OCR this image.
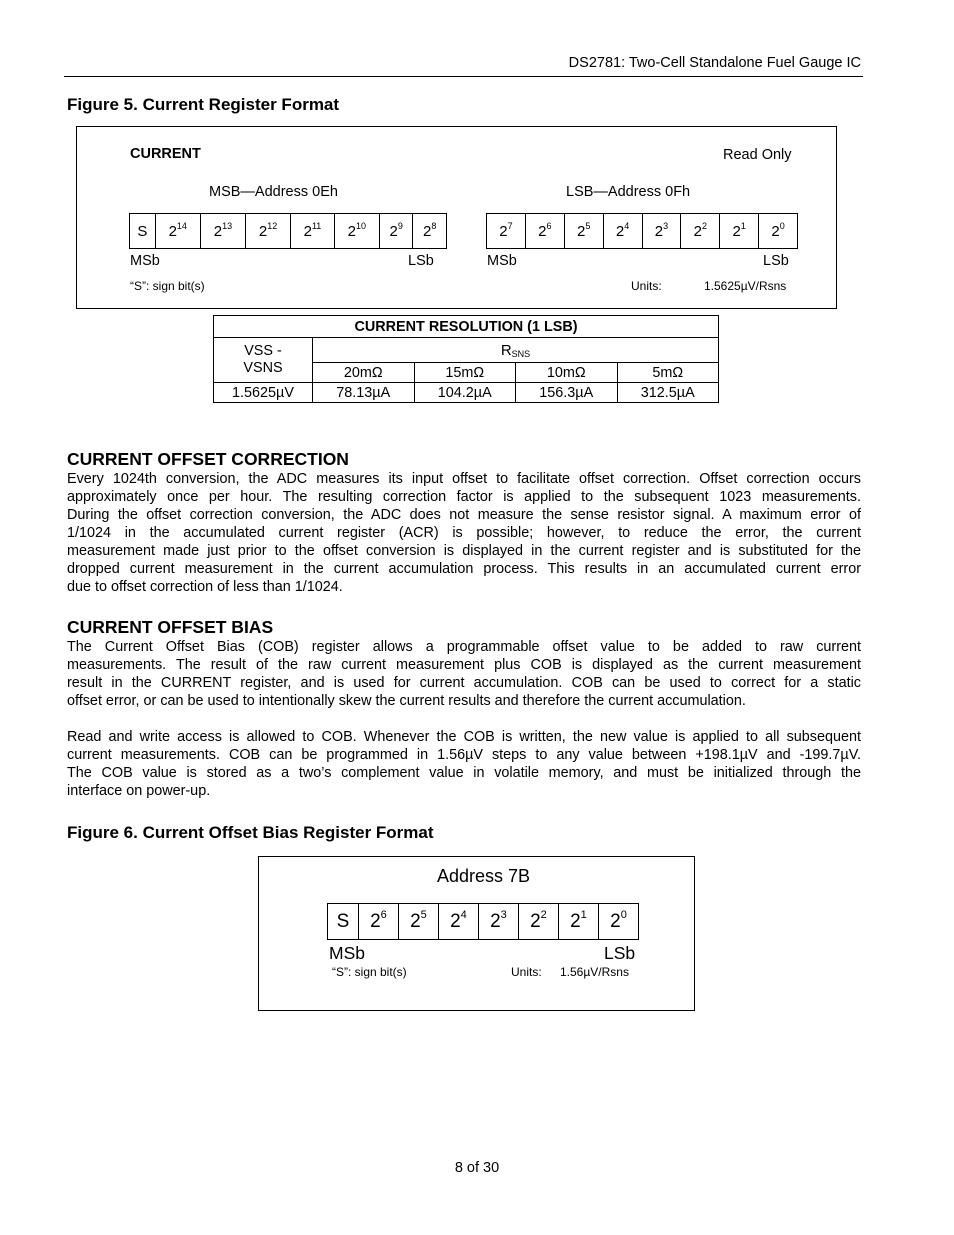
DS2781: Two-Cell Standalone Fuel Gauge IC
Figure 5. Current Register Format
CURRENT	Read Only
MSB—Address 0Eh	LSB—Address 0Fh
S	$2^{14}$	$2^{13}$	$2^{12}$	$2^{11}$	$2^{10}$	$2^9$	$2^8$	$2^7$	$2^6$	$2^5$	$2^4$	$2^3$	$2^2$	$2^1$	$2^0$
MSb	LSb	MSb	LSb
“S”: sign bit(s)	Units:	1.5625µV/Rsns
CURRENT RESOLUTION (1 LSB)				
VSS -
VSNS	$R_{SNS}$
	20mΩ	15mΩ	10mΩ	5mΩ
1.5625µV	78.13µA	104.2µA	156.3µA	312.5µA
CURRENT OFFSET CORRECTION
Every 1024th conversion, the ADC measures its input offset to facilitate offset correction. Offset correction occurs
approximately once per hour. The resulting correction factor is applied to the subsequent 1023 measurements.
During the offset correction conversion, the ADC does not measure the sense resistor signal. A maximum error of
1/1024 in the accumulated current register (ACR) is possible; however, to reduce the error, the current
measurement made just prior to the offset conversion is displayed in the current register and is substituted for the
dropped current measurement in the current accumulation process. This results in an accumulated current error
due to offset correction of less than 1/1024.
CURRENT OFFSET BIAS
The Current Offset Bias (COB) register allows a programmable offset value to be added to raw current
measurements. The result of the raw current measurement plus COB is displayed as the current measurement
result in the CURRENT register, and is used for current accumulation. COB can be used to correct for a static
offset error, or can be used to intentionally skew the current results and therefore the current accumulation.
Read and write access is allowed to COB. Whenever the COB is written, the new value is applied to all subsequent
current measurements. COB can be programmed in 1.56µV steps to any value between +198.1µV and -199.7µV.
The COB value is stored as a two’s complement value in volatile memory, and must be initialized through the
interface on power-up.
Figure 6. Current Offset Bias Register Format
Address 7B
S	$2^6$	$2^5$	$2^4$	$2^3$	$2^2$	$2^1$	$2^0$
MSb	LSb
“S”: sign bit(s)	Units: 1.56µV/Rsns
8 of 30
